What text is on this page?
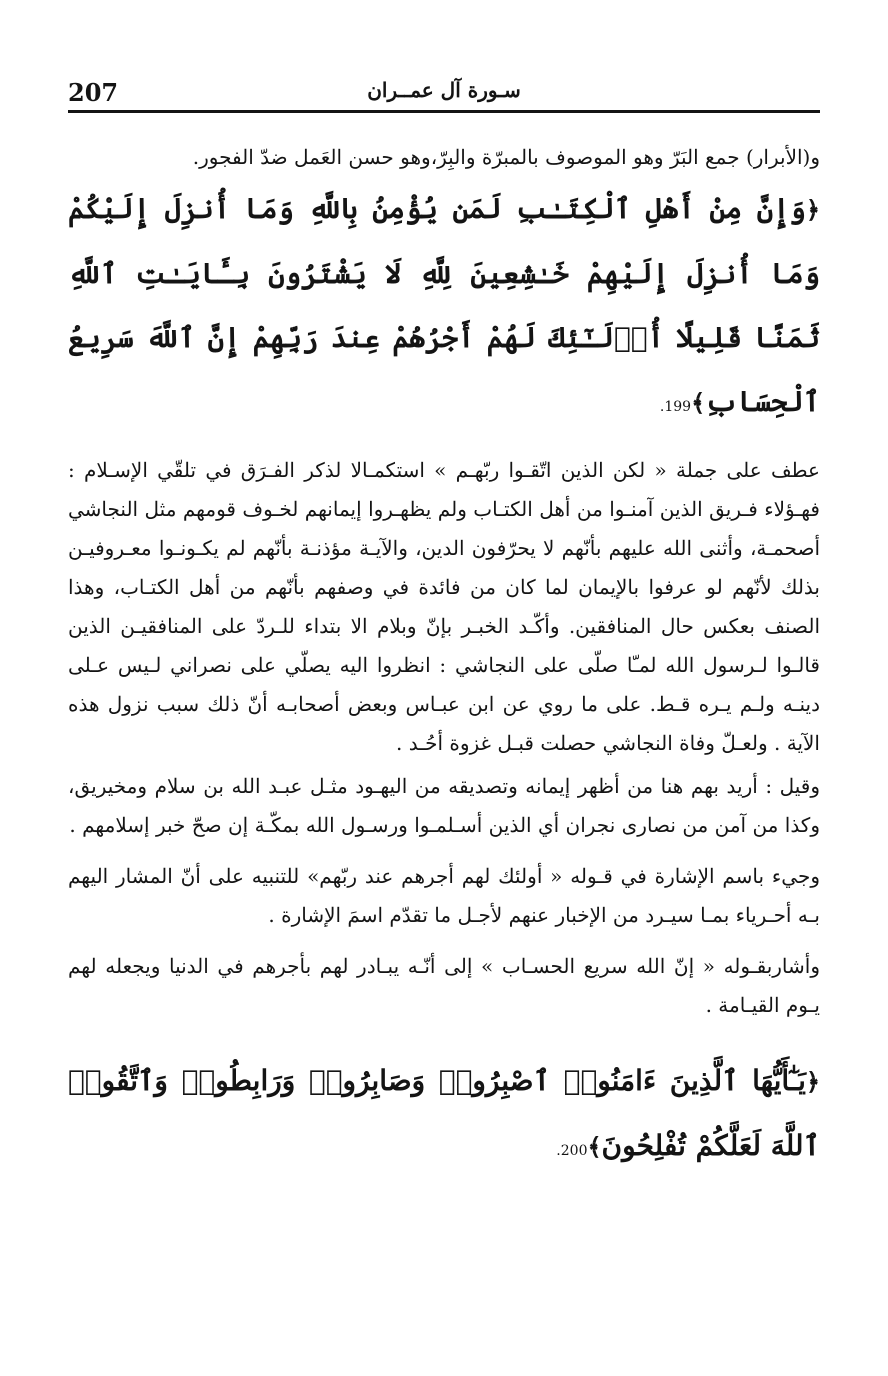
207	سـورة آل عمــران

و(الأبرار) جمع البَرّ وهو الموصوف بالمبرّة والبِرّ،وهو حسن العَمل ضدّ الفجور.

﴿وَإِنَّ مِنْ أَهْلِ ٱلْكِتَـٰبِ لَمَن يُؤْمِنُ بِاللَّهِ وَمَا أُنزِلَ إِلَيْكُمْ وَمَا أُنزِلَ إِلَيْهِمْ خَـٰشِعِينَ لِلَّهِ لَا يَشْتَرُونَ بِـَٔايَـٰتِ ٱللَّهِ ثَمَنًا قَلِيلًا أُو۟لَـٰٓئِكَ لَهُمْ أَجْرُهُمْ عِندَ رَبِّهِمْ إِنَّ ٱللَّهَ سَرِيعُ ٱلْحِسَابِ﴾199.

عطف على جملة « لكن الذين اتّقـوا ربّهـم » استكمـالا لذكر الفـرَق في تلقّي الإسـلام : فهـؤلاء فـريق الذين آمنـوا من أهل الكتـاب ولم يظهـروا إيمانهم لخـوف قومهم مثل النجاشي أصحمـة، وأثنى الله عليهم بأنّهم لا يحرّفون الدين، والآيـة مؤذنـة بأنّهم لم يكـونـوا معـروفيـن بذلك لأنّهم لو عرفوا بالإيمان لما كان من فائدة في وصفهم بأنّهم من أهل الكتـاب، وهذا الصنف بعكس حال المنافقين. وأكّـد الخبـر بإنّ وبلام الا بتداء للـردّ على المنافقيـن الذين قالـوا لـرسول الله لمـّا صلّى على النجاشي : انظروا اليه يصلّي على نصراني لـيس عـلى دينـه ولـم يـره قـط. على ما روي عن ابن عبـاس وبعض أصحابـه أنّ ذلك سبب نزول هذه الآية . ولعـلّ وفاة النجاشي حصلت قبـل غزوة أحُـد .

وقيل : أريد بهم هنا من أظهر إيمانه وتصديقه من اليهـود مثـل عبـد الله بن سلام ومخيريق، وكذا من آمن من نصارى نجران أي الذين أسـلمـوا ورسـول الله بمكّـة إن صحّ خبر إسلامهم .

وجيء باسم الإشارة في قـوله « أولئك لهم أجرهم عند ربّهم» للتنبيه على أنّ المشار اليهم بـه أحـرياء بمـا سيـرد من الإخبار عنهم لأجـل ما تقدّم اسمَ الإشارة .

وأشاربقـوله « إنّ الله سريع الحسـاب » إلى أنّـه يبـادر لهم بأجرهم في الدنيا ويجعله لهم يـوم القيـامة .

﴿يَـٰٓأَيُّهَا ٱلَّذِينَ ءَامَنُوا۟ ٱصْبِرُوا۟ وَصَابِرُوا۟ وَرَابِطُوا۟ وَٱتَّقُوا۟ ٱللَّهَ لَعَلَّكُمْ تُفْلِحُونَ﴾200.
